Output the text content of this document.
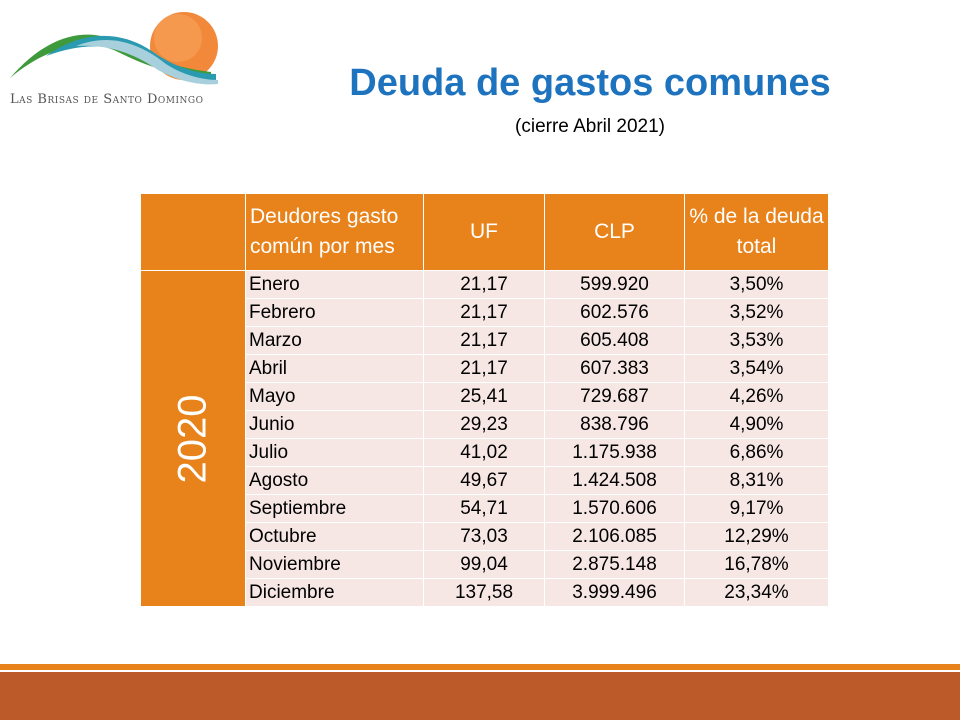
Las Brisas de Santo Domingo	Deuda de gastos comunes
(cierre Abril 2021)
	Deudores gasto común por mes	UF	CLP	% de la deuda total

2020	Enero	21,17	599.920	3,50%
	Febrero	21,17	602.576	3,52%
	Marzo	21,17	605.408	3,53%
	Abril	21,17	607.383	3,54%
	Mayo	25,41	729.687	4,26%
	Junio	29,23	838.796	4,90%
	Julio	41,02	1.175.938	6,86%
	Agosto	49,67	1.424.508	8,31%
	Septiembre	54,71	1.570.606	9,17%
	Octubre	73,03	2.106.085	12,29%
	Noviembre	99,04	2.875.148	16,78%
	Diciembre	137,58	3.999.496	23,34%
